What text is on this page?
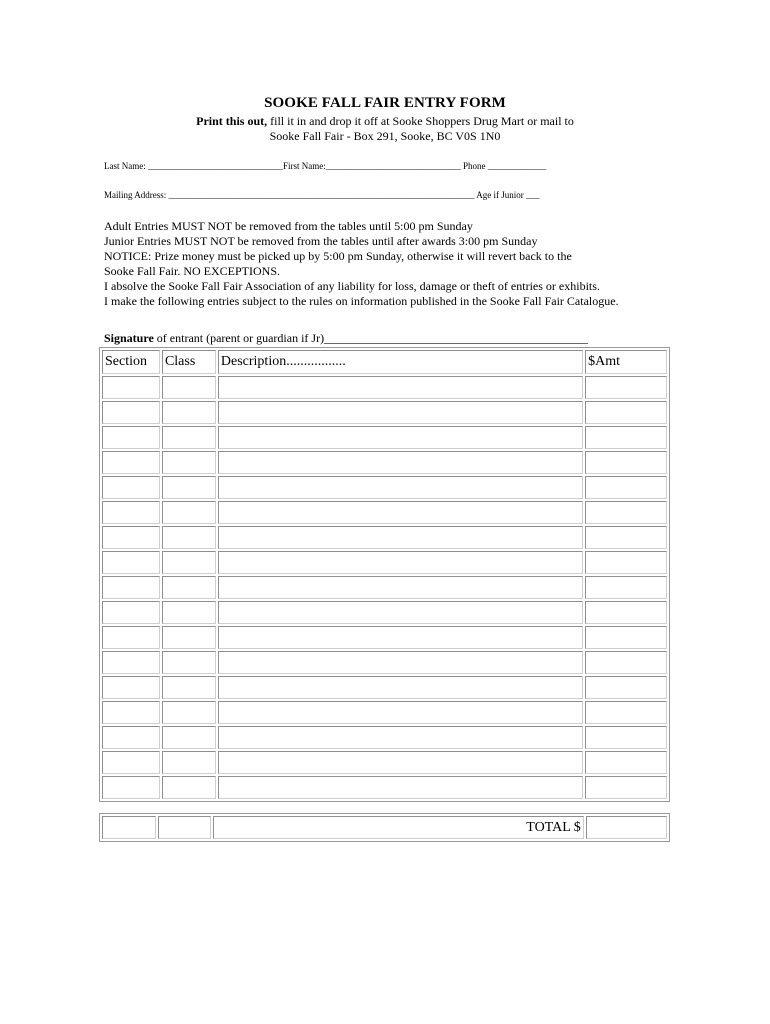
SOOKE FALL FAIR ENTRY FORM
Print this out, fill it in and drop it off at Sooke Shoppers Drug Mart or mail to
Sooke Fall Fair - Box 291, Sooke, BC V0S 1N0
Last Name: ______________________________First Name:______________________________ Phone _____________
Mailing Address: ____________________________________________________________________ Age if Junior ___
Adult Entries MUST NOT be removed from the tables until 5:00 pm Sunday
Junior Entries MUST NOT be removed from the tables until after awards 3:00 pm Sunday
NOTICE: Prize money must be picked up by 5:00 pm Sunday, otherwise it will revert back to the
Sooke Fall Fair. NO EXCEPTIONS.
I absolve the Sooke Fall Fair Association of any liability for loss, damage or theft of entries or exhibits.
I make the following entries subject to the rules on information published in the Sooke Fall Fair Catalogue.
Signature of entrant (parent or guardian if Jr)____________________________________________
Section	Class	Description.................	$Amt

		TOTAL $	
